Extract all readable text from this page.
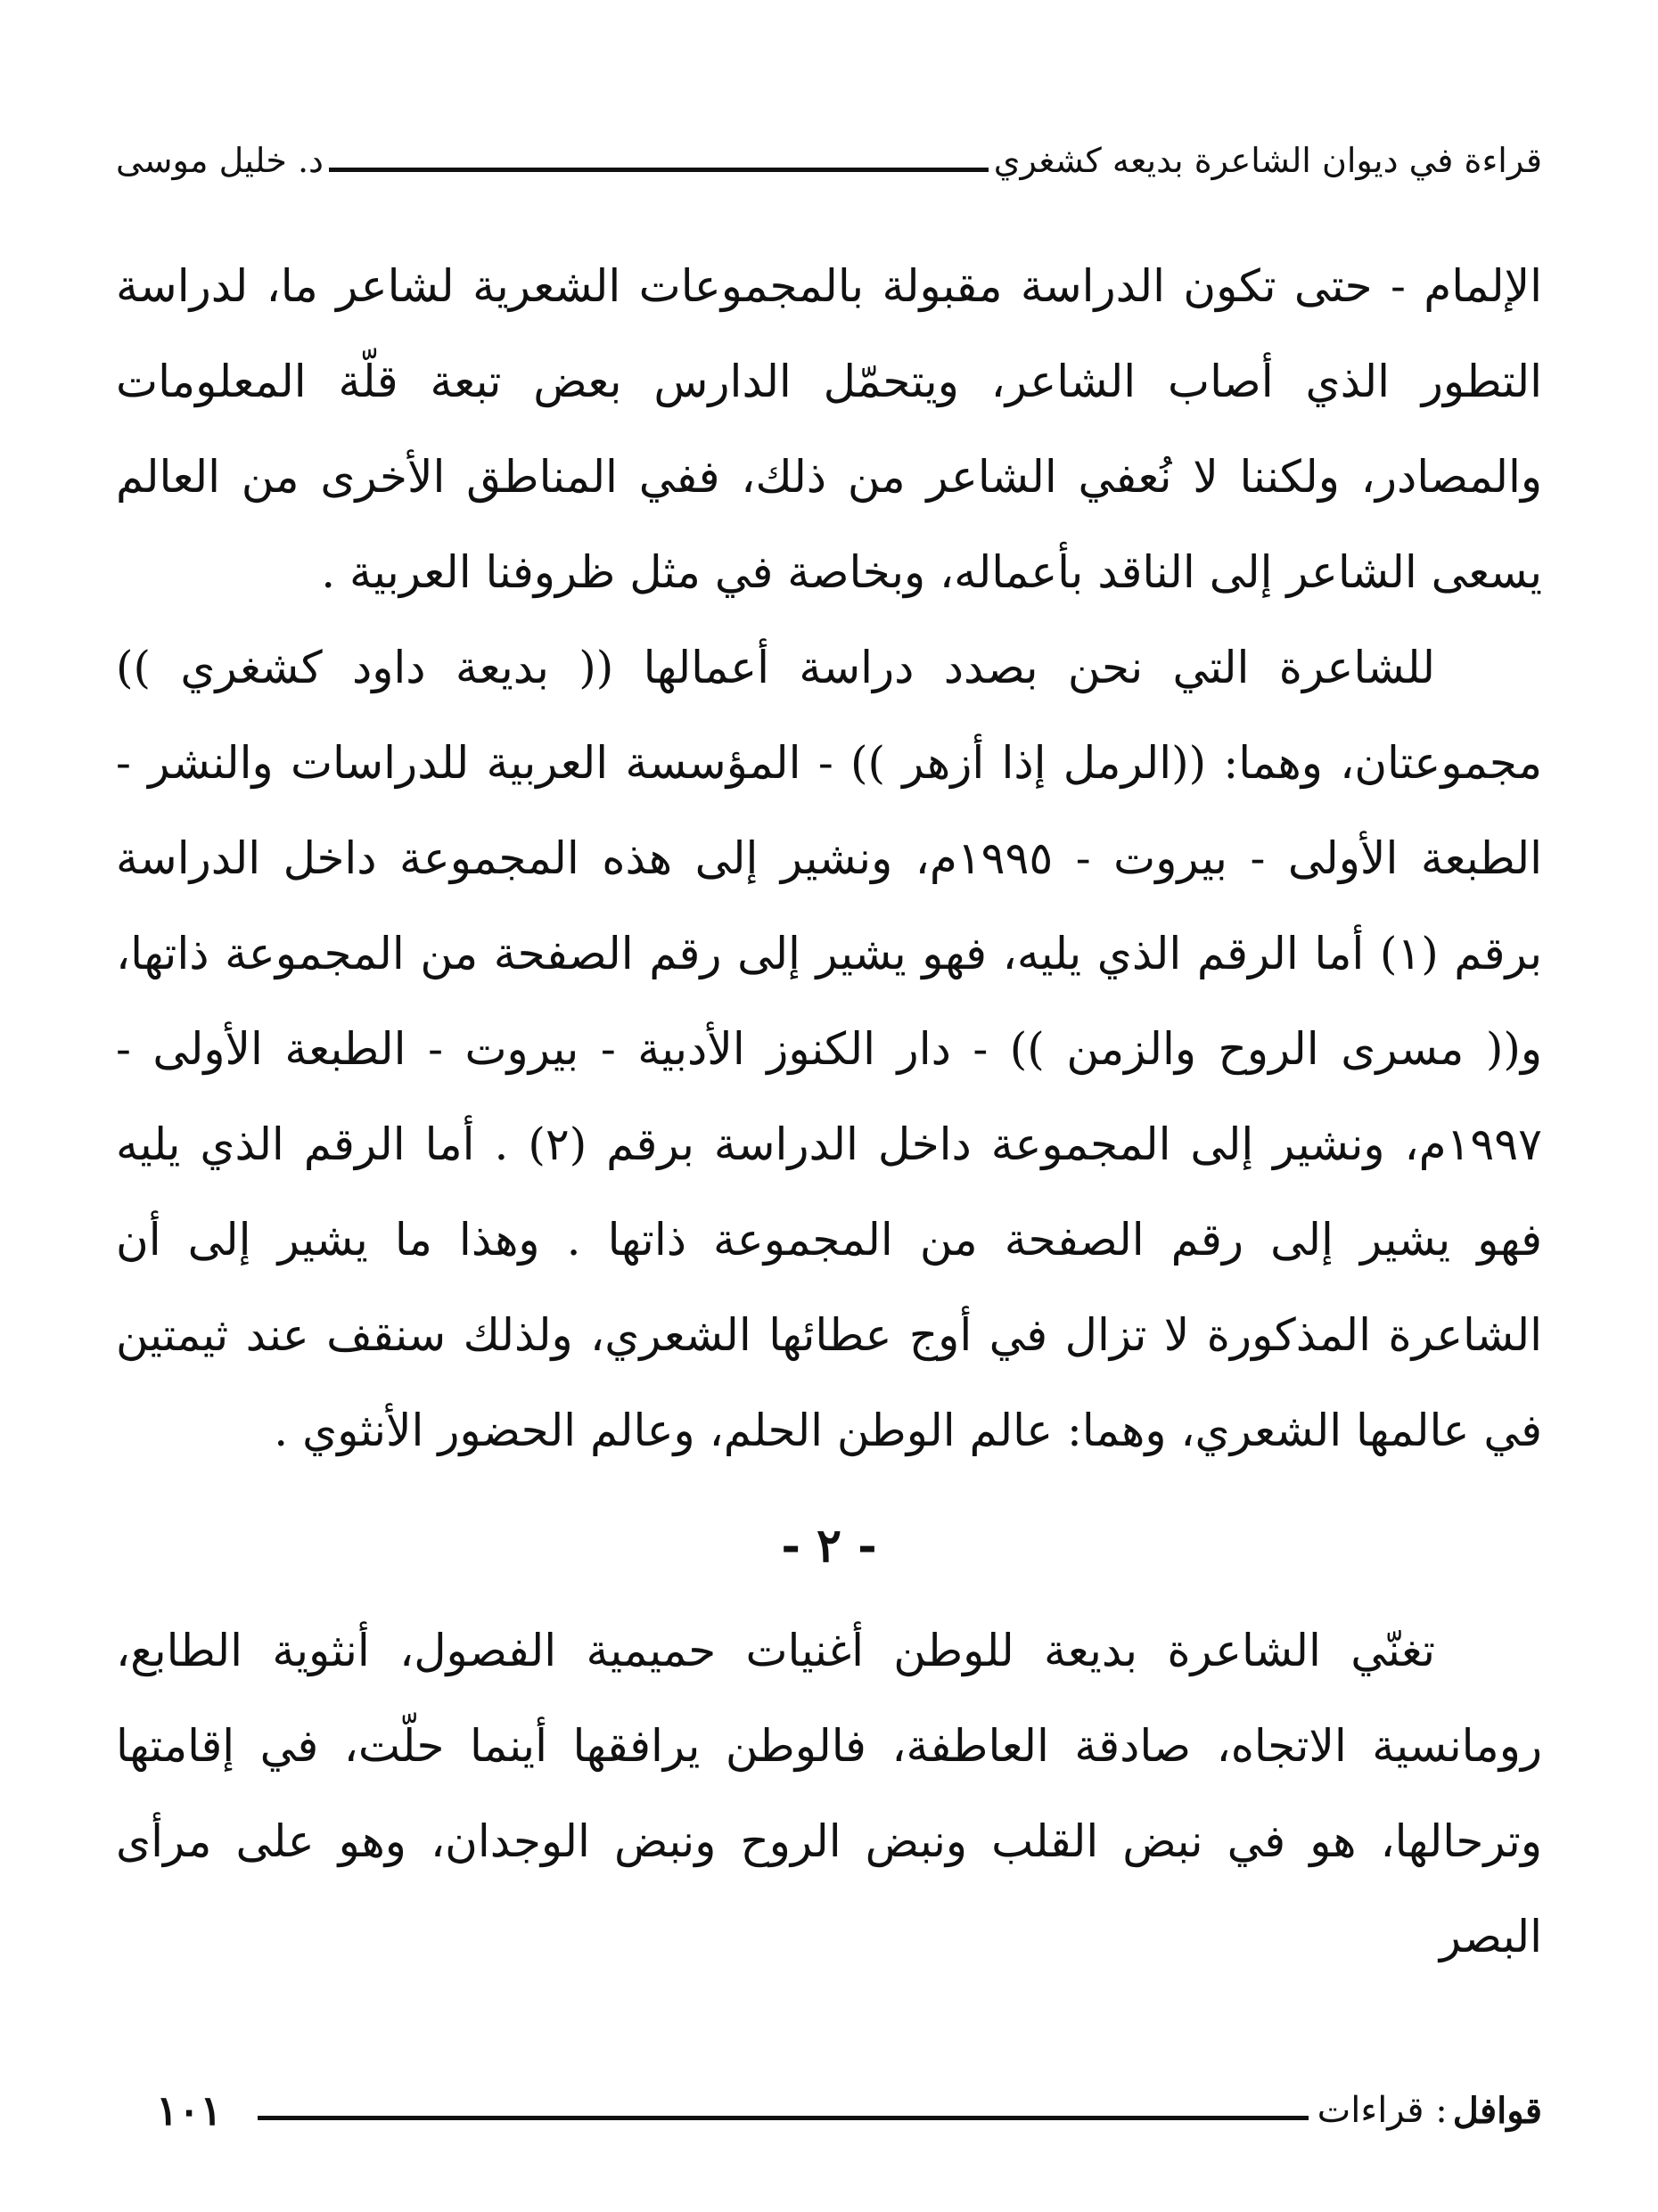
قراءة في ديوان الشاعرة بديعه كشغري
د. خليل موسى

الإلمام - حتى تكون الدراسة مقبولة بالمجموعات الشعرية لشاعر ما، لدراسة التطور الذي أصاب الشاعر، ويتحمّل الدارس بعض تبعة قلّة المعلومات والمصادر، ولكننا لا نُعفي الشاعر من ذلك، ففي المناطق الأخرى من العالم يسعى الشاعر إلى الناقد بأعماله، وبخاصة في مثل ظروفنا العربية .

للشاعرة التي نحن بصدد دراسة أعمالها (( بديعة داود كشغري )) مجموعتان، وهما: ((الرمل إذا أزهر )) - المؤسسة العربية للدراسات والنشر - الطبعة الأولى - بيروت - ١٩٩٥م، ونشير إلى هذه المجموعة داخل الدراسة برقم (١) أما الرقم الذي يليه، فهو يشير إلى رقم الصفحة من المجموعة ذاتها، و(( مسرى الروح والزمن )) - دار الكنوز الأدبية - بيروت - الطبعة الأولى - ١٩٩٧م، ونشير إلى المجموعة داخل الدراسة برقم (٢) . أما الرقم الذي يليه فهو يشير إلى رقم الصفحة من المجموعة ذاتها . وهذا ما يشير إلى أن الشاعرة المذكورة لا تزال في أوج عطائها الشعري، ولذلك سنقف عند ثيمتين في عالمها الشعري، وهما: عالم الوطن الحلم، وعالم الحضور الأنثوي .

- ٢ -

تغنّي الشاعرة بديعة للوطن أغنيات حميمية الفصول، أنثوية الطابع، رومانسية الاتجاه، صادقة العاطفة، فالوطن يرافقها أينما حلّت، في إقامتها وترحالها، هو في نبض القلب ونبض الروح ونبض الوجدان، وهو على مرأى البصر

قوافل
: قراءات
١٠١
